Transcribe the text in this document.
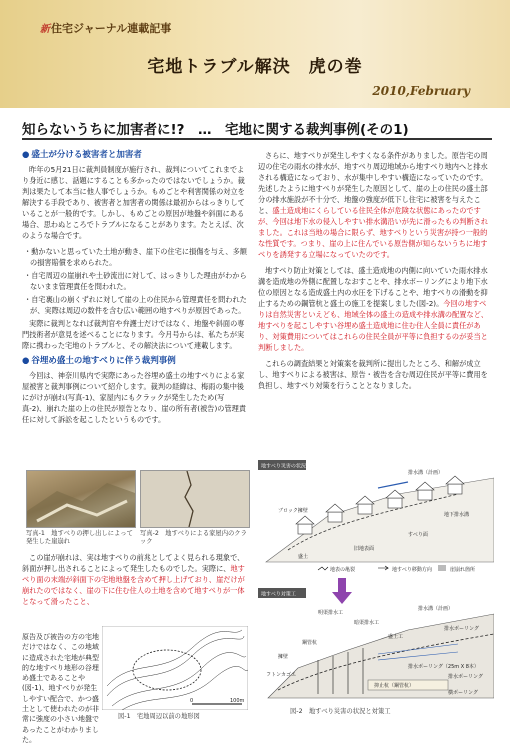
新住宅ジャーナル連載記事
宅地トラブル解決　虎の巻
2010,February
知らないうちに加害者に!?　…　宅地に関する裁判事例(その1)
● 盛土が分ける被害者と加害者

昨年の5月21日に裁判員制度が施行され、裁判についてこれまでより身近に感じ、話題にすることも多かったのではないでしょうか。裁判は果たして本当に他人事でしょうか。もめごとや利害関係の対立を解決する手段であり、被害者と加害者の関係は最初からはっきりしていることが一般的です。しかし、もめごとの原因が地盤や斜面にある場合、思わぬところでトラブルになることがあります。たとえば、次のような場合です。

・動かないと思っていた土地が動き、崖下の住宅に損傷を与え、多額の損害賠償を求められた。

・自宅周辺の崖崩れや土砂流出に対して、はっきりした理由がわからないまま管理責任を問われた。

・自宅裏山の崩くずれに対して崖の上の住民から管理責任を問われたが、実際は周辺の数件を含む広い範囲の地すべりが原因であった。

実際に裁判となれば裁判官や弁護士だけではなく、地盤や斜面の専門技術者が意見を述べることになります。今月号からは、私たちが実際に携わった宅地のトラブルと、その解決法について連載します。

● 谷埋め盛土の地すべりに伴う裁判事例

今回は、神奈川県内で実際にあった谷埋め盛土の地すべりによる家屋被害と裁判事例について紹介します。裁判の経緯は、梅雨の集中後にがけが崩れ(写真-1)、家屋内にもクラックが発生したため(写真-2)、崩れた崖の上の住民が原告となり、崖の所有者(被告)の管理責任に対して訴訟を起こしたというものです。

写真-1　地すべりの押し出しによって発生した崖崩れ
写真-2　地すべりによる家屋内のクラック

この崖が崩れは、実は地すべりの前兆としてよく見られる現象で、斜面が押し出されることによって発生したものでした。実際に、地すべり面の末端が斜面下の宅地地盤を含めて押し上げており、崖だけが崩れたのではなく、崖の下に住む住人の土地を含めて地すべりが一体となって滑ったこと、

原告及び被告の方の宅地だけではなく、この地域に造成された宅地が典型的な地すべり地形の谷埋め盛土であることや(図-1)、地すべりが発生しやすい配合で、かつ盛土として使われたのが非常に強度の小さい地盤であったことがわかりました。

0	100m
図-1　宅地周辺以前の地形図

さらに、地すべりが発生しやすくなる条件がありました。原告宅の周辺の住宅の雨水の排水が、地すべり周辺地域から地すべり地内へと排水される構造になっており、水が集中しやすい構造になっていたのです。先述したように地すべりが発生した原因として、崖の上の住民の盛土部分の排水施設が不十分で、地盤の強度が低下し住宅に被害を与えたこと、盛土造成地にくらしている住民全体が危険な状態にあったのですが、今回は地下水の侵入しやすい排水溝沿いが先に滑ったもの判断されました。これは当地の場合に限らず、地すべりという災害が持つ一般的な性質です。つまり、崖の上に住んでいる原告側が知らないうちに地すべりを誘発する立場になっていたのです。

地すべり防止対策としては、盛土造成地の内側に向いていた雨水排水溝を造成地の外側に配置しなおすことや、排水ボーリングにより地下水位の原因となる造成盛土内の水圧を下げることや、地すべりの滑動を抑止するための鋼管杭と盛土の施工を提案しました(図-2)。今回の地すべりは自然災害といえども、地域全体の盛土の造成や排水溝の配置など、地すべりを起こしやすい谷埋め盛土造成地に住む住人全員に責任があり、対策費用についてはこれらの住民全員が平等に負担するのが妥当と判断しました。

これらの調査結果と対策案を裁判所に提出したところ、和解が成立し、地すべりによる被害は、原告・被告を含む周辺住民が平等に費用を負担し、地すべり対策を行うこととなりました。

地すべり災害の状況
排水溝（計画）
ブロック擁壁
盛土
旧地表面
すべり面
地下排水溝
地表の亀裂	地すべり移動方向	崖崩れ箇所
地すべり対策工
排水溝（計画）
擁壁
暗渠排水工
フトンカゴエ
排水ボーリング
鋼管杭
抑止杭（鋼管杭）
排水ボーリング（25m X 8本）
盛土工
横ボーリング
明渠排水工
排水ボーリング
図-2　地すべり災害の状況と対策工
